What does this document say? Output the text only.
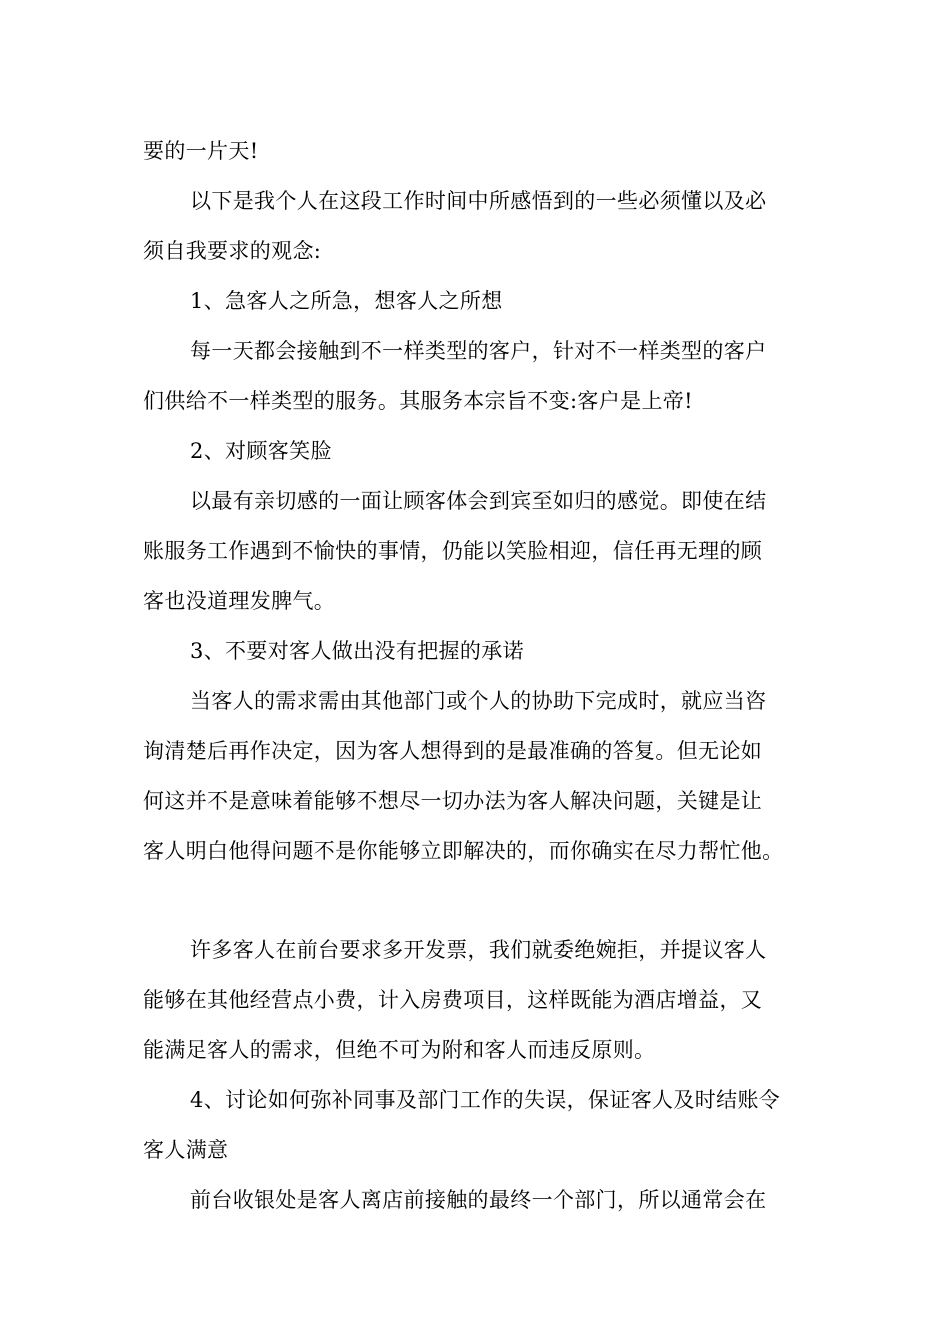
要的一片天!
以下是我个人在这段工作时间中所感悟到的一些必须懂以及必
须自我要求的观念:
1、急客人之所急，想客人之所想
每一天都会接触到不一样类型的客户，针对不一样类型的客户
们供给不一样类型的服务。其服务本宗旨不变:客户是上帝!
2、对顾客笑脸
以最有亲切感的一面让顾客体会到宾至如归的感觉。即使在结
账服务工作遇到不愉快的事情，仍能以笑脸相迎，信任再无理的顾
客也没道理发脾气。
3、不要对客人做出没有把握的承诺
当客人的需求需由其他部门或个人的协助下完成时，就应当咨
询清楚后再作决定，因为客人想得到的是最准确的答复。但无论如
何这并不是意味着能够不想尽一切办法为客人解决问题，关键是让
客人明白他得问题不是你能够立即解决的，而你确实在尽力帮忙他。
许多客人在前台要求多开发票，我们就委绝婉拒，并提议客人
能够在其他经营点小费，计入房费项目，这样既能为酒店增益，又
能满足客人的需求，但绝不可为附和客人而违反原则。
4、讨论如何弥补同事及部门工作的失误，保证客人及时结账令
客人满意
前台收银处是客人离店前接触的最终一个部门，所以通常会在
